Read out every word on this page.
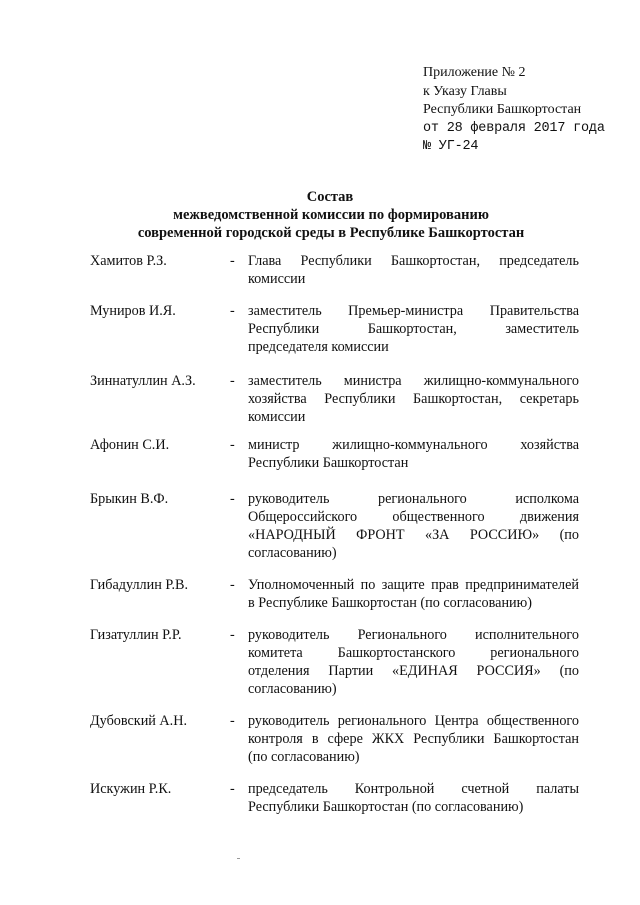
Приложение № 2
к Указу Главы
Республики Башкортостан
от 28 февраля 2017 года
№ УГ-24
Состав
межведомственной комиссии по формированию
современной городской среды в Республике Башкортостан
Хамитов Р.З.	- Глава Республики Башкортостан, председатель
комиссии
Муниров И.Я.	- заместитель Премьер-министра Правительства
Республики Башкортостан, заместитель
председателя комиссии
Зиннатуллин А.З. - заместитель министра жилищно-коммунального
хозяйства Республики Башкортостан, секретарь
комиссии
Афонин С.И.	- министр жилищно-коммунального хозяйства
Республики Башкортостан
Брыкин В.Ф.	- руководитель регионального исполкома
Общероссийского общественного движения
«НАРОДНЫЙ ФРОНТ «ЗА РОССИЮ» (по
согласованию)
Гибадуллин Р.В.	- Уполномоченный по защите прав предпринимателей
в Республике Башкортостан (по согласованию)
Гизатуллин Р.Р.	- руководитель Регионального исполнительного
комитета Башкортостанского регионального
отделения Партии «ЕДИНАЯ РОССИЯ» (по
согласованию)
Дубовский А.Н.	- руководитель регионального Центра общественного
контроля в сфере ЖКХ Республики Башкортостан
(по согласованию)
Искужин Р.К.	- председатель Контрольной счетной палаты
Республики Башкортостан (по согласованию)
